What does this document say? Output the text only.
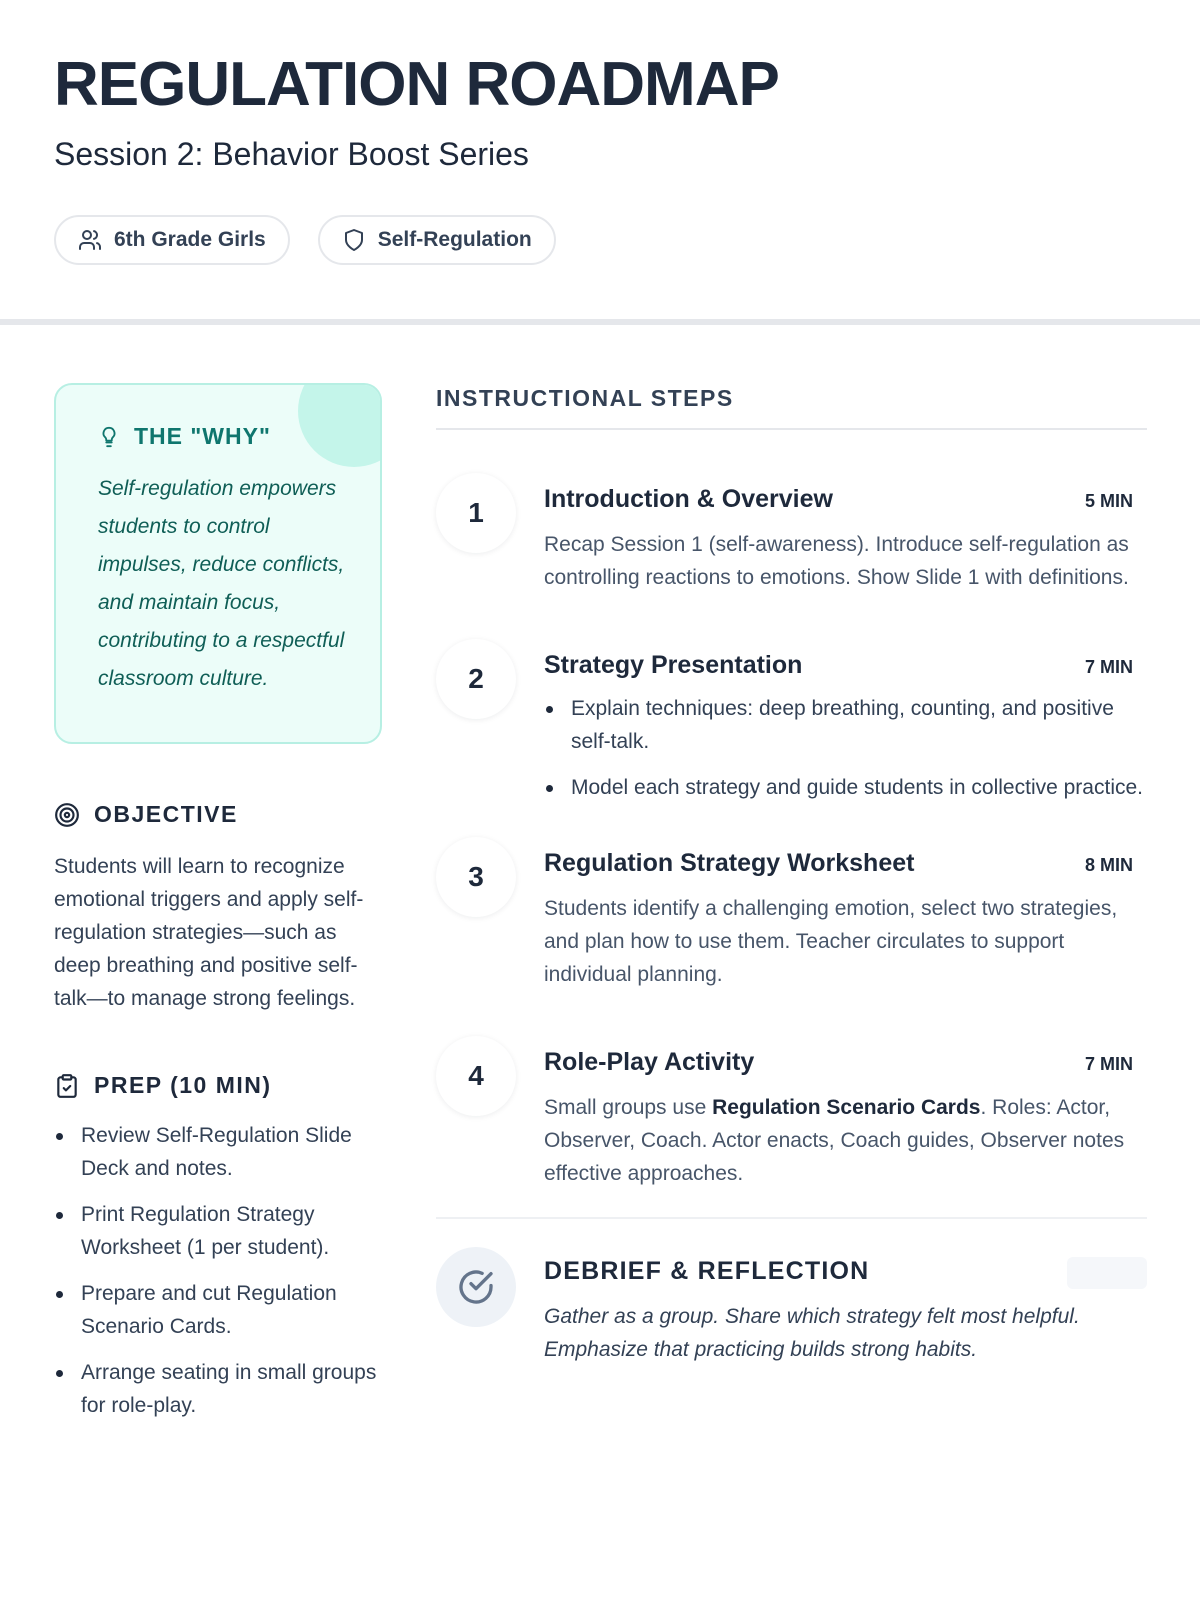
REGULATION ROADMAP
Session 2: Behavior Boost Series
6th Grade Girls	Self-Regulation
THE "WHY"

Self-regulation empowers students to control impulses, reduce conflicts, and maintain focus, contributing to a respectful classroom culture.

OBJECTIVE

Students will learn to recognize emotional triggers and apply self-regulation strategies—such as deep breathing and positive self-talk—to manage strong feelings.

PREP (10 MIN)
Review Self-Regulation Slide Deck and notes.
Print Regulation Strategy Worksheet (1 per student).
Prepare and cut Regulation Scenario Cards.
Arrange seating in small groups for role-play.
INSTRUCTIONAL STEPS
1	Introduction & Overview	5 MIN

Recap Session 1 (self-awareness). Introduce self-regulation as controlling reactions to emotions. Show Slide 1 with definitions.

2	Strategy Presentation	7 MIN
Explain techniques: deep breathing, counting, and positive self-talk.
Model each strategy and guide students in collective practice.
3	Regulation Strategy Worksheet	8 MIN

Students identify a challenging emotion, select two strategies, and plan how to use them. Teacher circulates to support individual planning.

4	Role-Play Activity	7 MIN

Small groups use Regulation Scenario Cards. Roles: Actor, Observer, Coach. Actor enacts, Coach guides, Observer notes effective approaches.

DEBRIEF & REFLECTION

Gather as a group. Share which strategy felt most helpful. Emphasize that practicing builds strong habits.
